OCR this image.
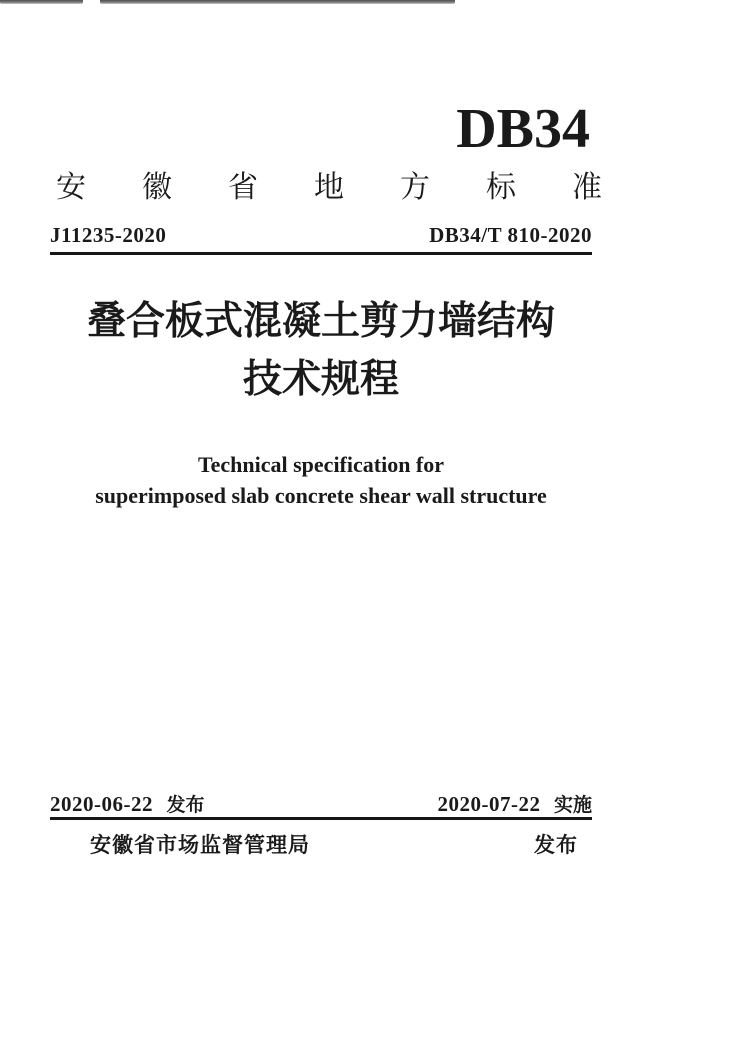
DB34
安 徽 省 地 方 标 准
J11235-2020	DB34/T 810-2020
叠合板式混凝土剪力墙结构
技术规程
Technical specification for
superimposed slab concrete shear wall structure
2020-06-22 发布	2020-07-22 实施
安徽省市场监督管理局	发布
